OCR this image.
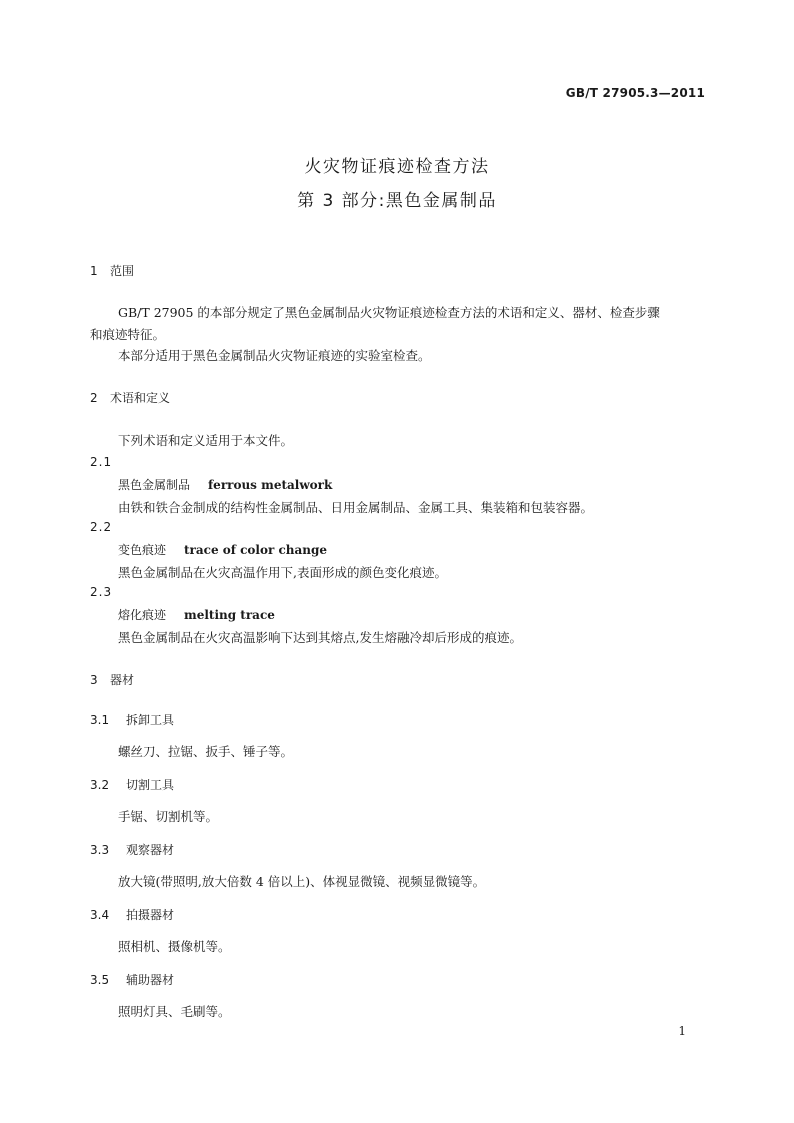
GB/T 27905.3—2011
火灾物证痕迹检查方法
第 3 部分:黑色金属制品
1 范围
GB/T 27905 的本部分规定了黑色金属制品火灾物证痕迹检查方法的术语和定义、器材、检查步骤
和痕迹特征。
本部分适用于黑色金属制品火灾物证痕迹的实验室检查。
2 术语和定义
下列术语和定义适用于本文件。
2.1
黑色金属制品 ferrous metalwork
由铁和铁合金制成的结构性金属制品、日用金属制品、金属工具、集装箱和包装容器。
2.2
变色痕迹 trace of color change
黑色金属制品在火灾高温作用下,表面形成的颜色变化痕迹。
2.3
熔化痕迹 melting trace
黑色金属制品在火灾高温影响下达到其熔点,发生熔融冷却后形成的痕迹。
3 器材
3.1 拆卸工具
螺丝刀、拉锯、扳手、锤子等。
3.2 切割工具
手锯、切割机等。
3.3 观察器材
放大镜(带照明,放大倍数 4 倍以上)、体视显微镜、视频显微镜等。
3.4 拍摄器材
照相机、摄像机等。
3.5 辅助器材
照明灯具、毛刷等。
1
